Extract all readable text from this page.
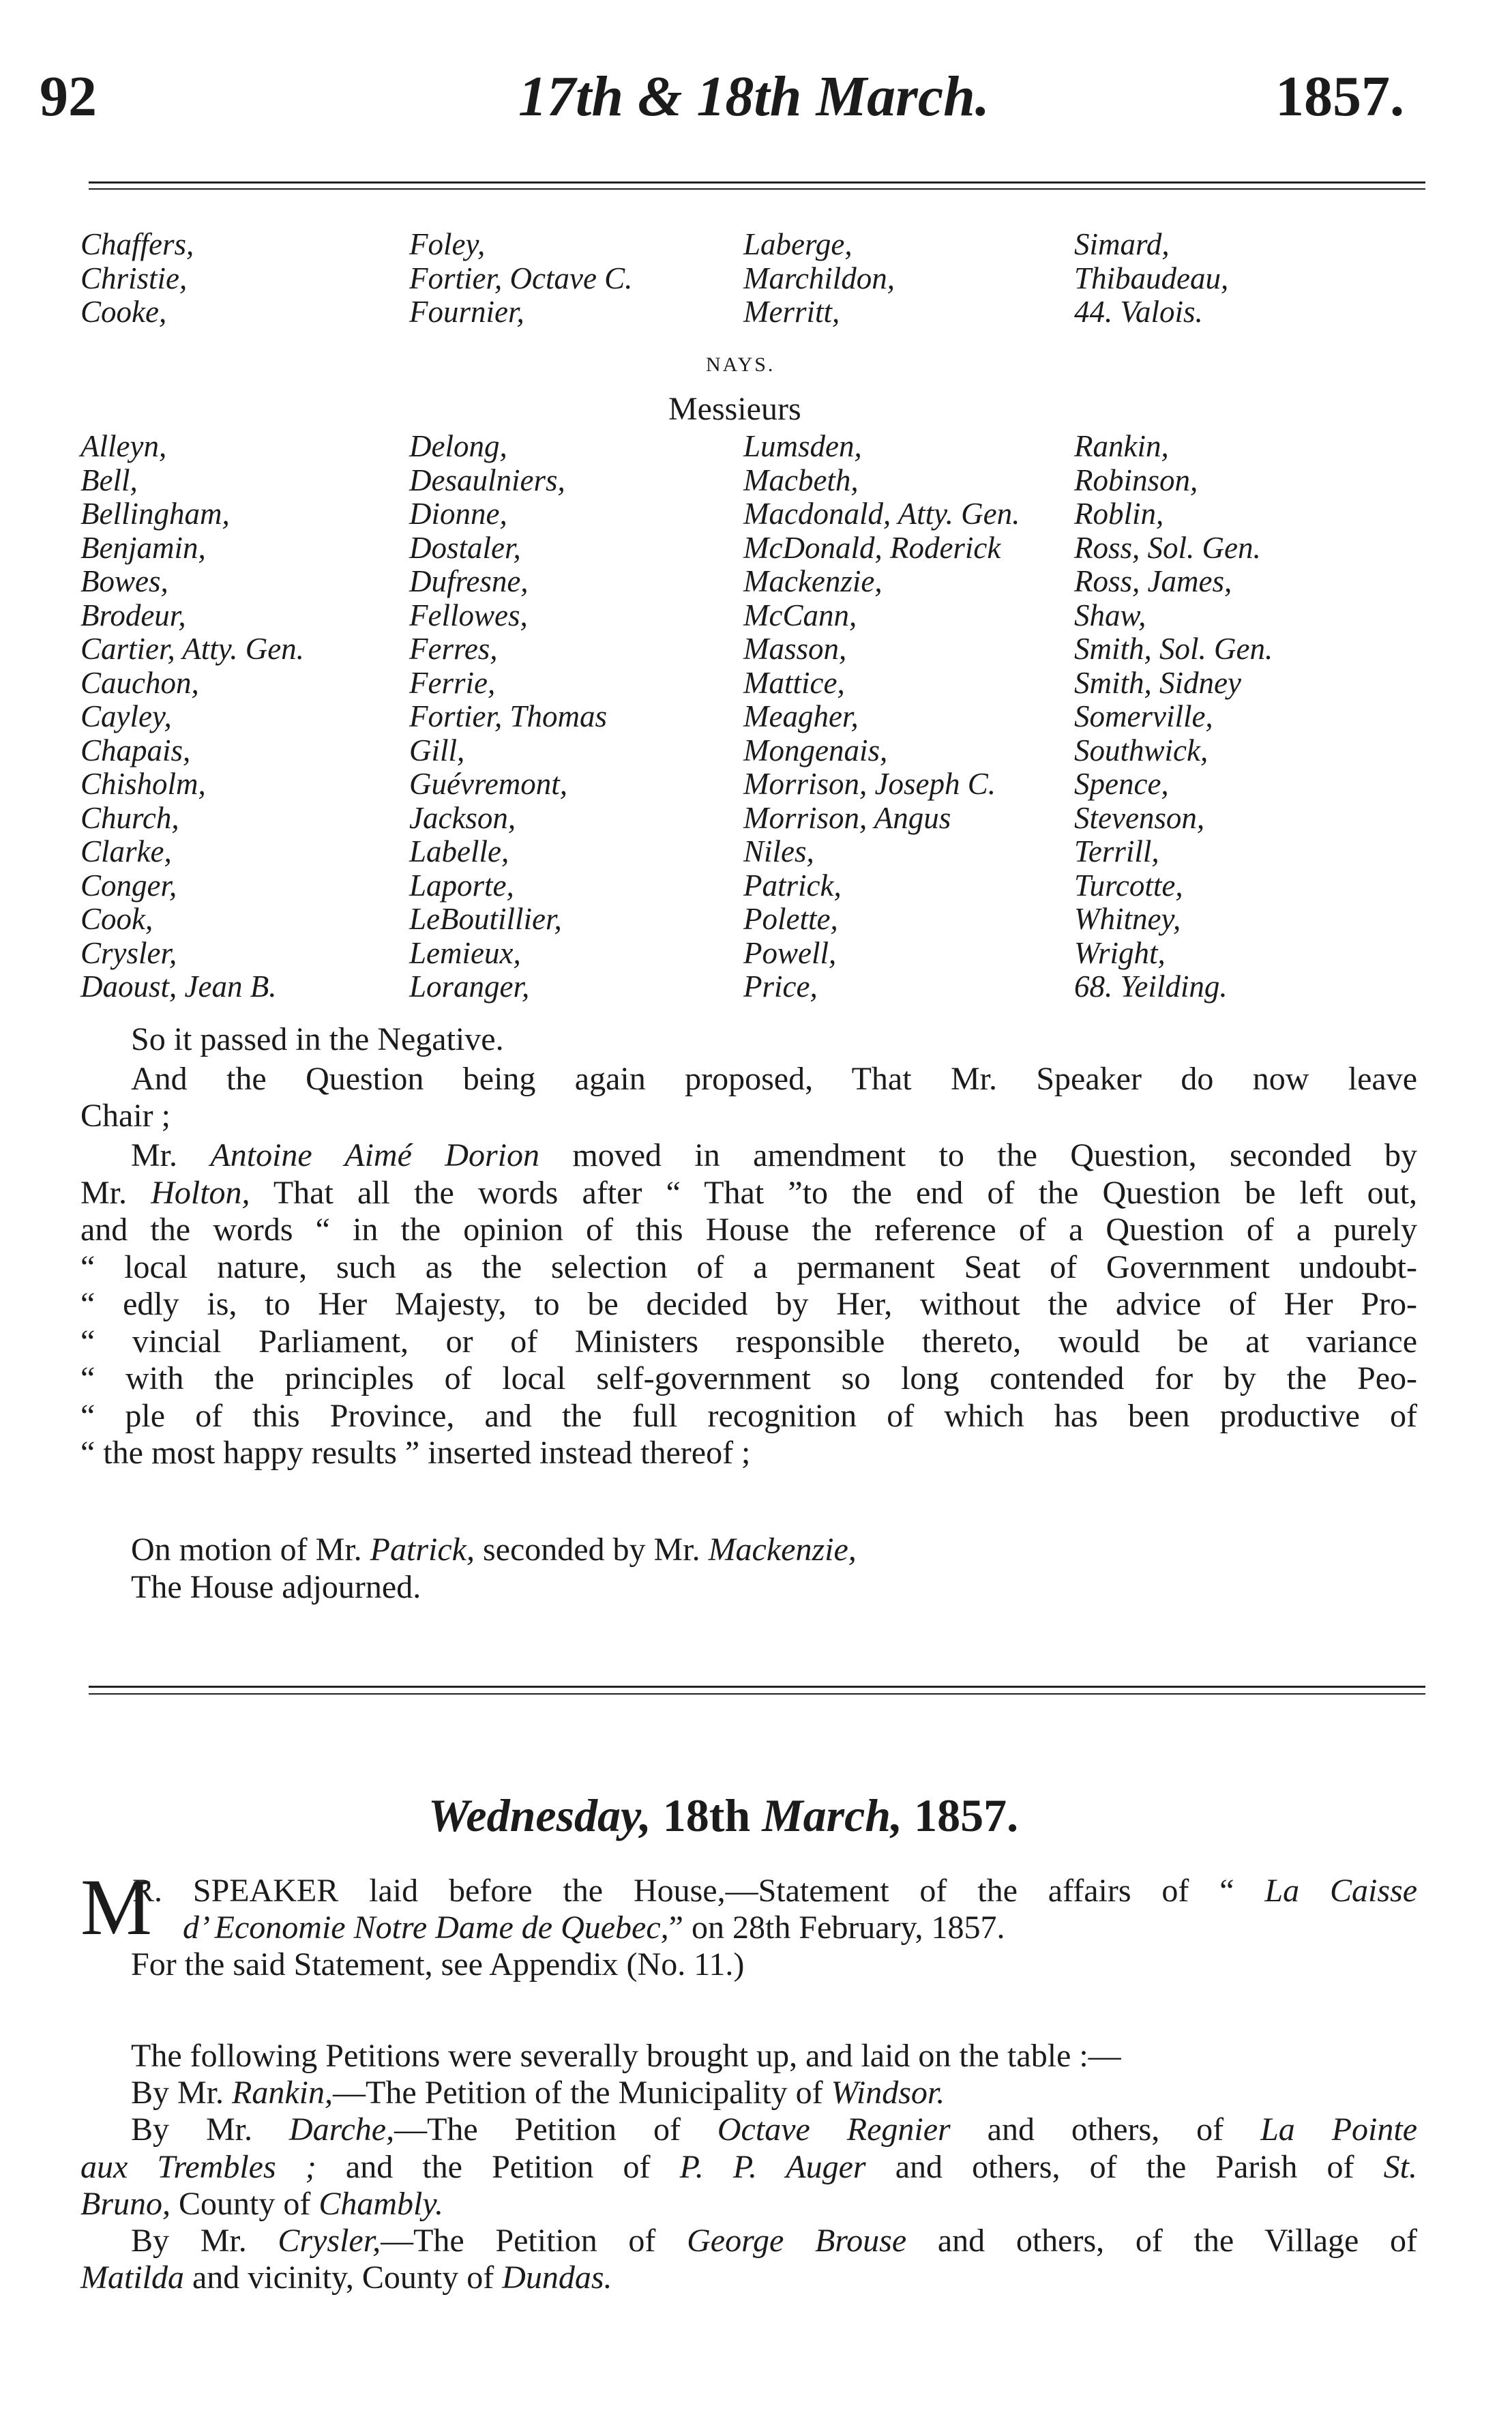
92	17th & 18th March.	1857.
Chaffers,
Christie,
Cooke,
Foley,
Fortier, Octave C.
Fournier,
Laberge,
Marchildon,
Merritt,
Simard,
Thibaudeau,
44. Valois.
NAYS.
Messieurs
Alleyn,
Bell,
Bellingham,
Benjamin,
Bowes,
Brodeur,
Cartier, Atty. Gen.
Cauchon,
Cayley,
Chapais,
Chisholm,
Church,
Clarke,
Conger,
Cook,
Crysler,
Daoust, Jean B.
Delong,
Desaulniers,
Dionne,
Dostaler,
Dufresne,
Fellowes,
Ferres,
Ferrie,
Fortier, Thomas
Gill,
Guévremont,
Jackson,
Labelle,
Laporte,
LeBoutillier,
Lemieux,
Loranger,
Lumsden,
Macbeth,
Macdonald, Atty. Gen.
McDonald, Roderick
Mackenzie,
McCann,
Masson,
Mattice,
Meagher,
Mongenais,
Morrison, Joseph C.
Morrison, Angus
Niles,
Patrick,
Polette,
Powell,
Price,
Rankin,
Robinson,
Roblin,
Ross, Sol. Gen.
Ross, James,
Shaw,
Smith, Sol. Gen.
Smith, Sidney
Somerville,
Southwick,
Spence,
Stevenson,
Terrill,
Turcotte,
Whitney,
Wright,
68. Yeilding.
So it passed in the Negative.
And the Question being again proposed, That Mr. Speaker do now leave
Chair ;
Mr. Antoine Aimé Dorion moved in amendment to the Question, seconded by
Mr. Holton, That all the words after “ That ”to the end of the Question be left out,
and the words “ in the opinion of this House the reference of a Question of a purely
“ local nature, such as the selection of a permanent Seat of Government undoubt-
“ edly is, to Her Majesty, to be decided by Her, without the advice of Her Pro-
“ vincial Parliament, or of Ministers responsible thereto, would be at variance
“ with the principles of local self-government so long contended for by the Peo-
“ ple of this Province, and the full recognition of which has been productive of
“ the most happy results ” inserted instead thereof ;
On motion of Mr. Patrick, seconded by Mr. Mackenzie,
The House adjourned.
Wednesday, 18th March, 1857.
M
R. SPEAKER laid before the House,—Statement of the affairs of “ La Caisse
d’ Economie Notre Dame de Quebec,” on 28th February, 1857.
For the said Statement, see Appendix (No. 11.)
The following Petitions were severally brought up, and laid on the table :—
By Mr. Rankin,—The Petition of the Municipality of Windsor.
By Mr. Darche,—The Petition of Octave Regnier and others, of La Pointe
aux Trembles ; and the Petition of P. P. Auger and others, of the Parish of St.
Bruno, County of Chambly.
By Mr. Crysler,—The Petition of George Brouse and others, of the Village of
Matilda and vicinity, County of Dundas.
